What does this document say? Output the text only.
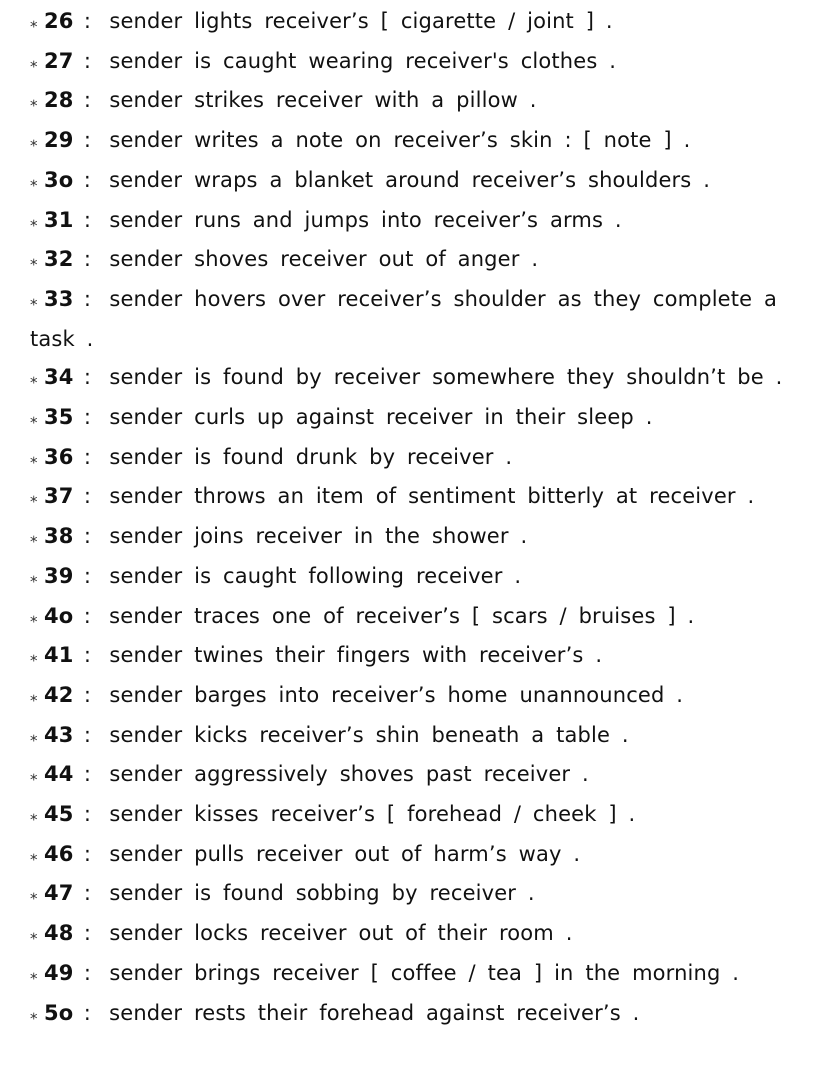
⁎ 26 : sender lights receiver’s [ cigarette / joint ] .
⁎ 27 : sender is caught wearing receiver's clothes .
⁎ 28 : sender strikes receiver with a pillow .
⁎ 29 : sender writes a note on receiver’s skin : [ note ] .
⁎ 3o : sender wraps a blanket around receiver’s shoulders .
⁎ 31 : sender runs and jumps into receiver’s arms .
⁎ 32 : sender shoves receiver out of anger .
⁎ 33 : sender hovers over receiver’s shoulder as they complete a task .
⁎ 34 : sender is found by receiver somewhere they shouldn’t be .
⁎ 35 : sender curls up against receiver in their sleep .
⁎ 36 : sender is found drunk by receiver .
⁎ 37 : sender throws an item of sentiment bitterly at receiver .
⁎ 38 : sender joins receiver in the shower .
⁎ 39 : sender is caught following receiver .
⁎ 4o : sender traces one of receiver’s [ scars / bruises ] .
⁎ 41 : sender twines their fingers with receiver’s .
⁎ 42 : sender barges into receiver’s home unannounced .
⁎ 43 : sender kicks receiver’s shin beneath a table .
⁎ 44 : sender aggressively shoves past receiver .
⁎ 45 : sender kisses receiver’s [ forehead / cheek ] .
⁎ 46 : sender pulls receiver out of harm’s way .
⁎ 47 : sender is found sobbing by receiver .
⁎ 48 : sender locks receiver out of their room .
⁎ 49 : sender brings receiver [ coffee / tea ] in the morning .
⁎ 5o : sender rests their forehead against receiver’s .
